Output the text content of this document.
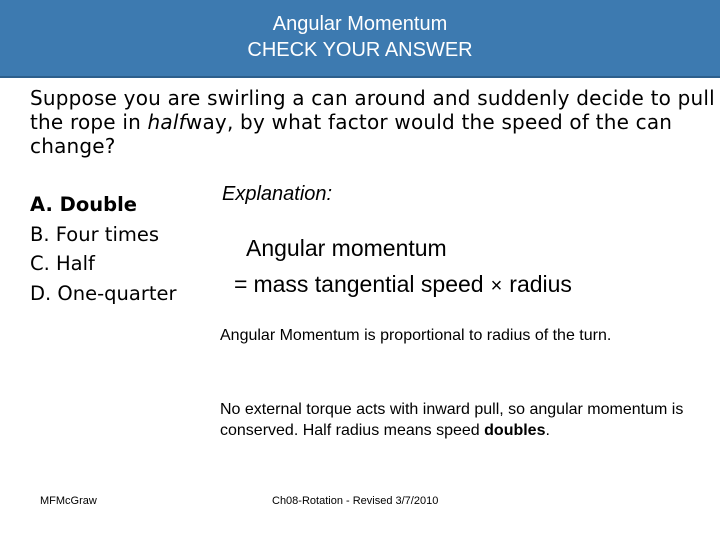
Angular Momentum
CHECK YOUR ANSWER
Suppose you are swirling a can around and suddenly decide to pull the rope in halfway, by what factor would the speed of the can change?
A. Double
B. Four times
C. Half
D. One-quarter
Explanation:
Angular momentum
= mass tangential speed × radius
Angular Momentum is proportional to radius of the turn.
No external torque acts with inward pull, so angular momentum is conserved. Half radius means speed doubles.
MFMcGraw	Ch08-Rotation - Revised 3/7/2010
